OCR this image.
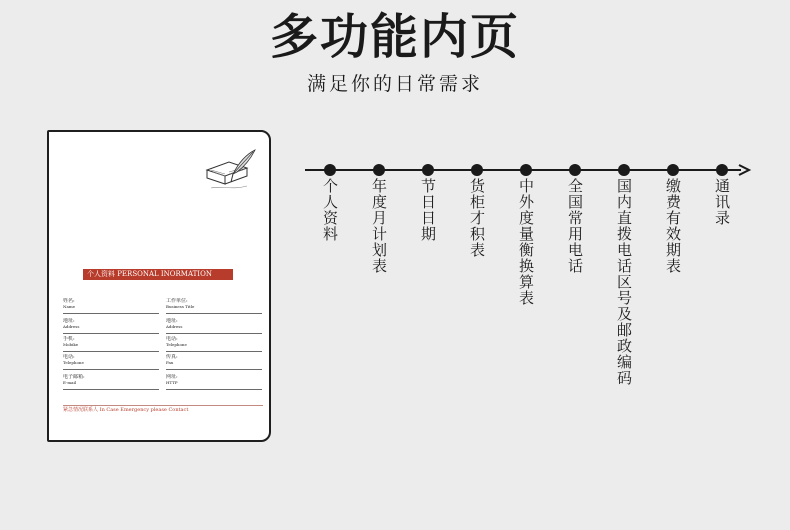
多功能内页
满足你的日常需求
个人资料 PERSONAL INORMATION
姓名:
Name
工作单位:
Business Title
地址:
Address
地址:
Address
手机:
Mobike
电话:
Telephone
电话:
Telephone
传真:
Fax
电子邮箱:
E-mail
网址:
HTTP
紧急情况联系人 In Case Emergency please Contact
个人资料 年度月计划表 节日日期 货柜才积表 中外度量衡换算表 全国常用电话 国内直拨电话区号及邮政编码 缴费有效期表 通讯录
